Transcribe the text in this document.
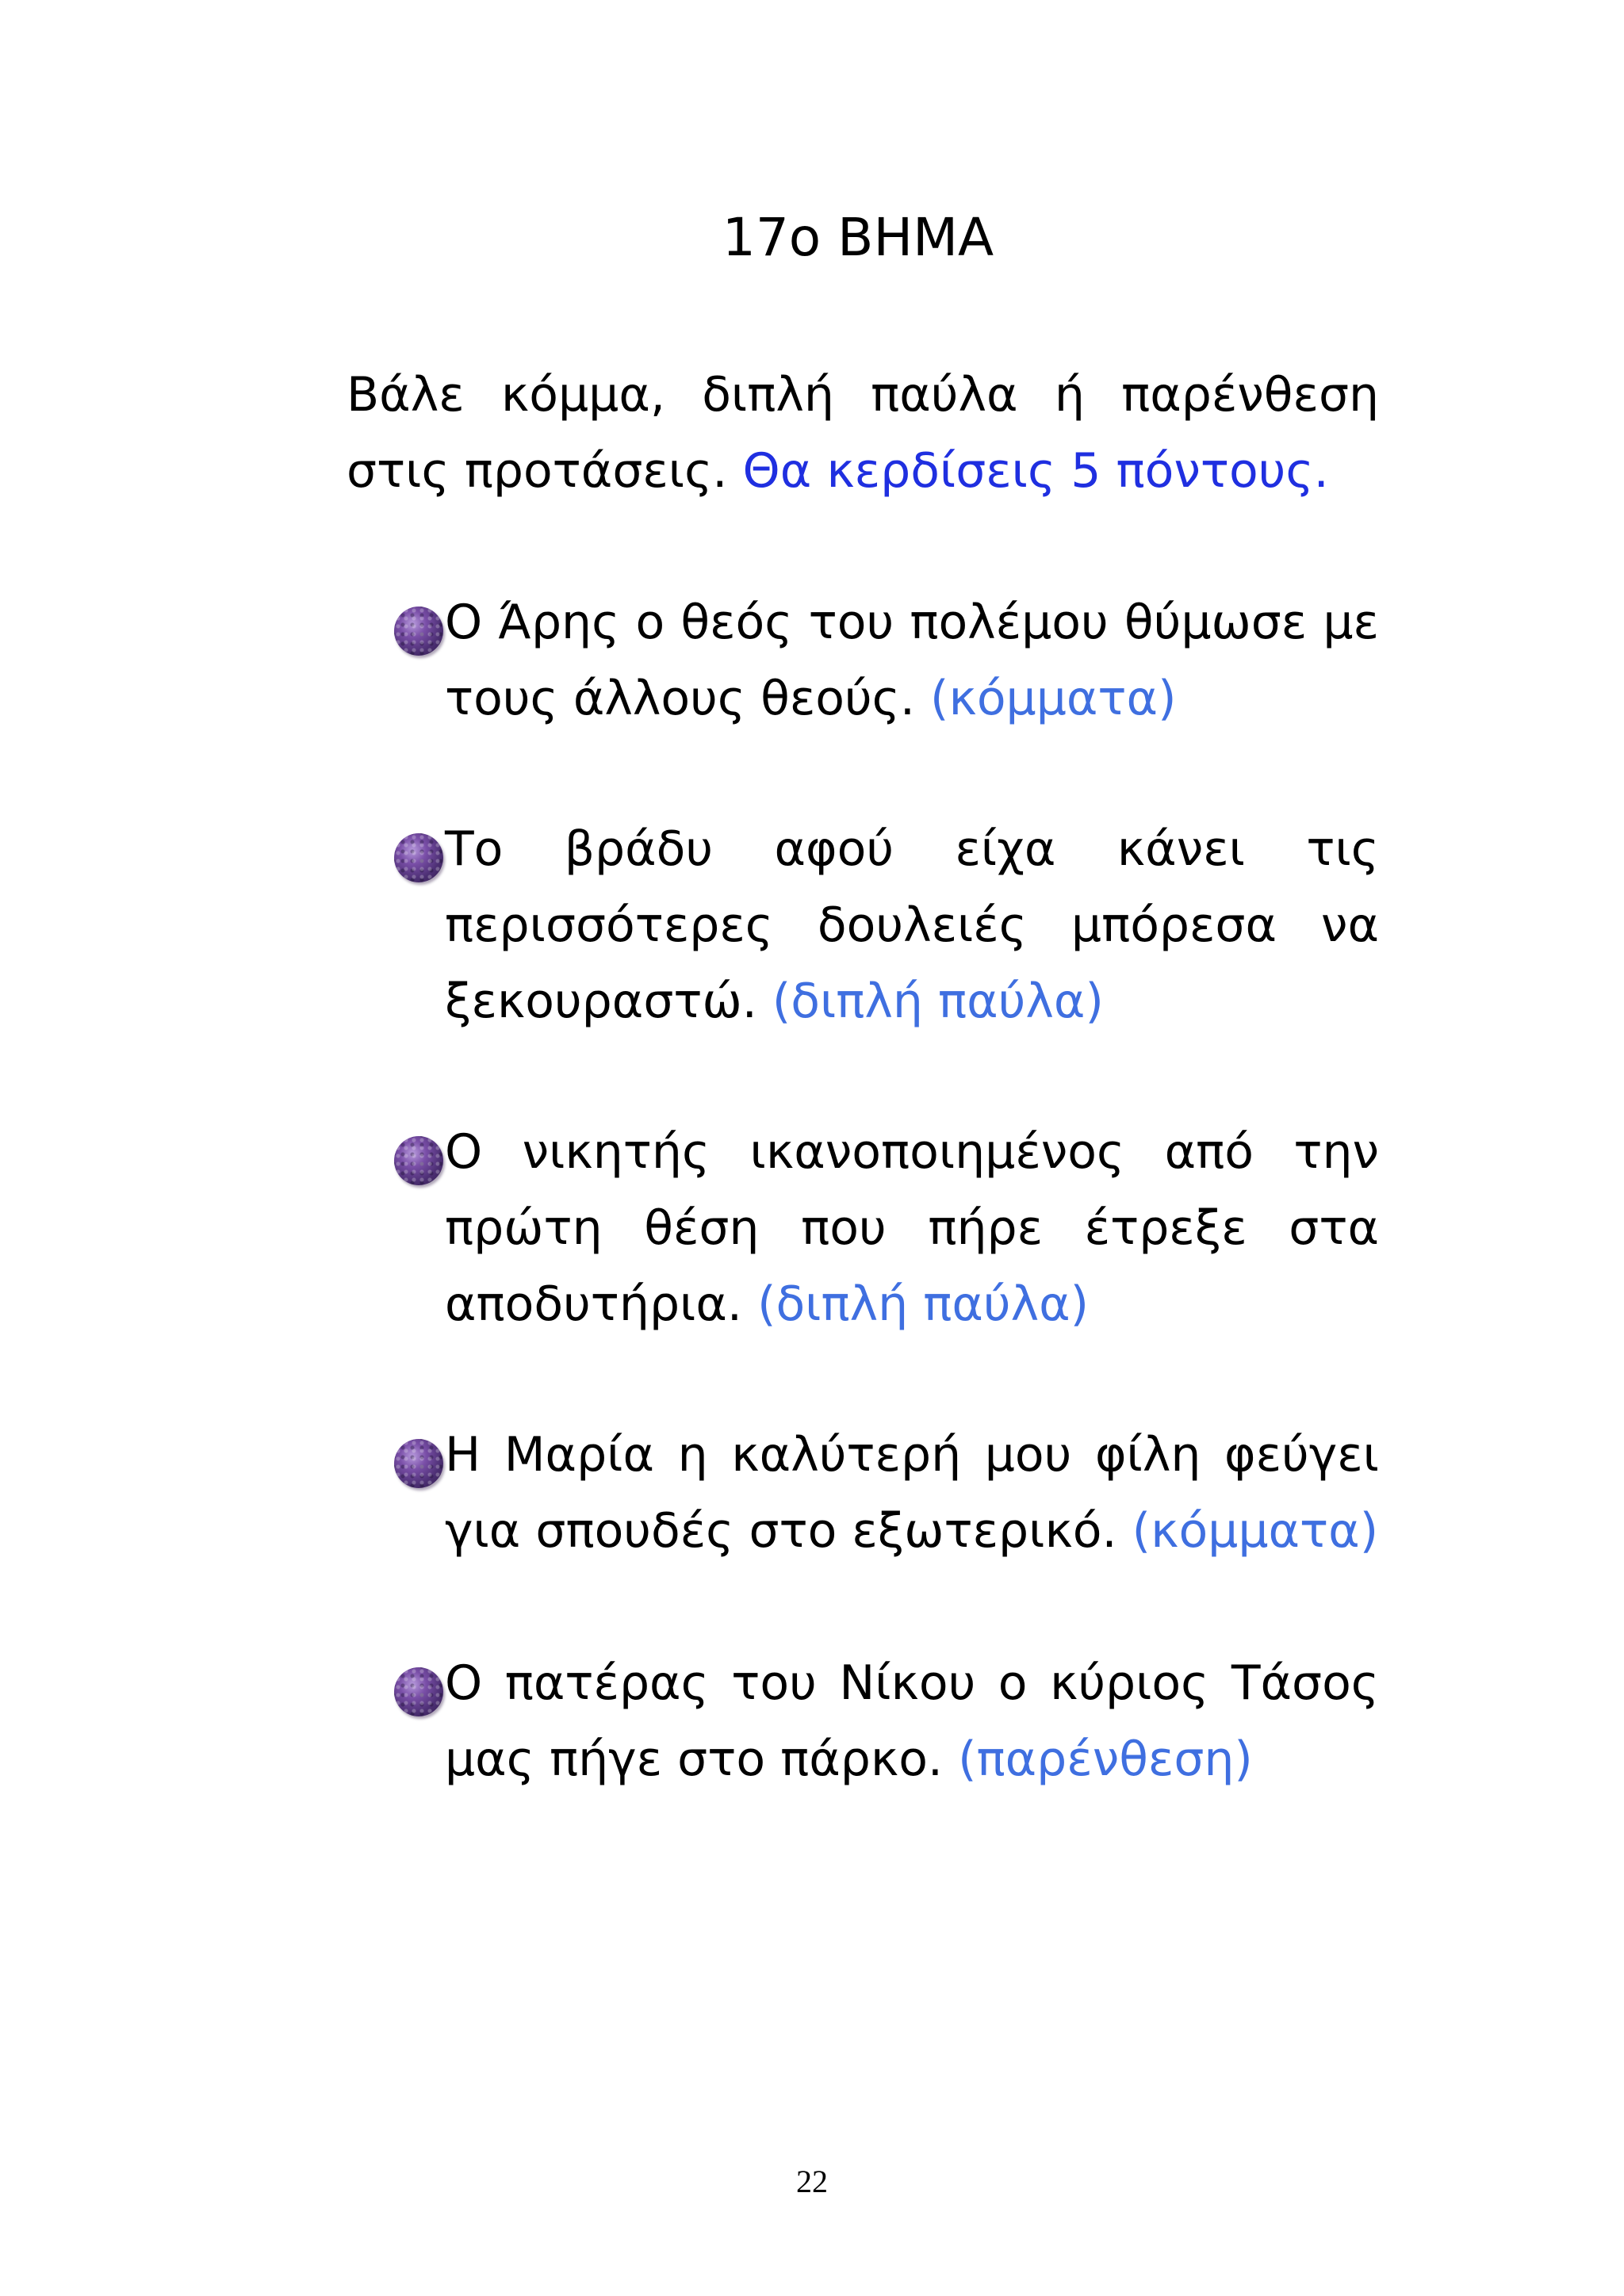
17ο ΒΗΜΑ
Βάλε κόμμα, διπλή παύλα ή παρένθεση στις προτάσεις. Θα κερδίσεις 5 πόντους.
Ο Άρης ο θεός του πολέμου θύμωσε με τους άλλους θεούς. (κόμματα)
Το βράδυ αφού είχα κάνει τις περισσότερες δουλειές μπόρεσα να ξεκουραστώ. (διπλή παύλα)
Ο νικητής ικανοποιημένος από την πρώτη θέση που πήρε έτρεξε στα αποδυτήρια. (διπλή παύλα)
Η Μαρία η καλύτερή μου φίλη φεύγει για σπουδές στο εξωτερικό. (κόμματα)
Ο πατέρας του Νίκου ο κύριος Τάσος μας πήγε στο πάρκο. (παρένθεση)
22
